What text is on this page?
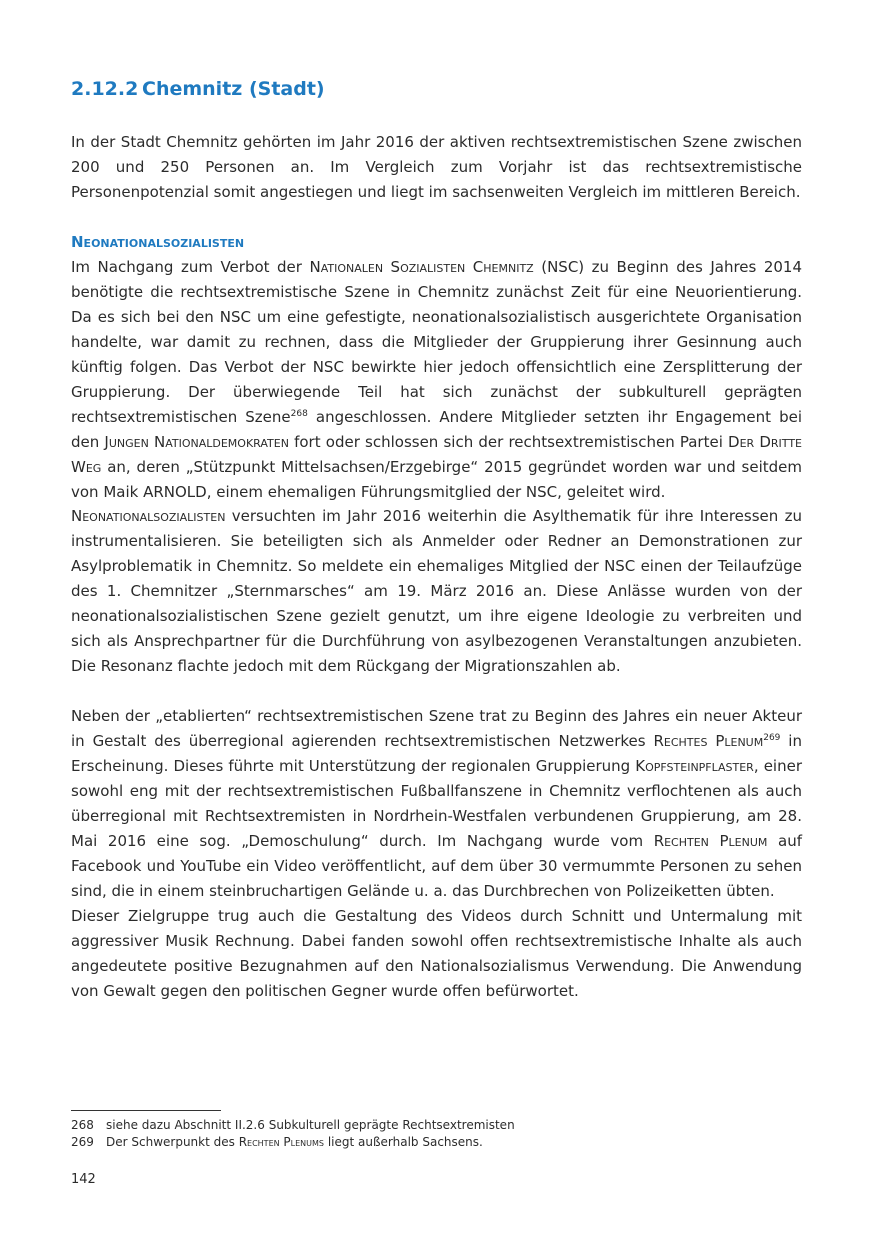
2.12.2 Chemnitz (Stadt)

In der Stadt Chemnitz gehörten im Jahr 2016 der aktiven rechtsextremistischen Szene zwischen 200 und 250 Personen an. Im Vergleich zum Vorjahr ist das rechtsextremistische Personenpotenzial somit angestiegen und liegt im sachsenweiten Vergleich im mittleren Bereich.

Neonationalsozialisten

Im Nachgang zum Verbot der Nationalen Sozialisten Chemnitz (NSC) zu Beginn des Jahres 2014 benötigte die rechtsextremistische Szene in Chemnitz zunächst Zeit für eine Neuorientierung. Da es sich bei den NSC um eine gefestigte, neonationalsozialistisch ausgerichtete Organisation handelte, war damit zu rechnen, dass die Mitglieder der Gruppierung ihrer Gesinnung auch künftig folgen. Das Verbot der NSC bewirkte hier jedoch offensichtlich eine Zersplitterung der Gruppierung. Der überwiegende Teil hat sich zunächst der subkulturell geprägten rechtsextremistischen Szene$^{268}$ angeschlossen. Andere Mitglieder setzten ihr Engagement bei den Jungen Nationaldemokraten fort oder schlossen sich der rechtsextremistischen Partei Der Dritte Weg an, deren „Stützpunkt Mittelsachsen/Erzgebirge“ 2015 gegründet worden war und seitdem von Maik ARNOLD, einem ehemaligen Führungsmitglied der NSC, geleitet wird.

Neonationalsozialisten versuchten im Jahr 2016 weiterhin die Asylthematik für ihre Interessen zu instrumentalisieren. Sie beteiligten sich als Anmelder oder Redner an Demonstrationen zur Asylproblematik in Chemnitz. So meldete ein ehemaliges Mitglied der NSC einen der Teilaufzüge des 1. Chemnitzer „Sternmarsches“ am 19. März 2016 an. Diese Anlässe wurden von der neonationalsozialistischen Szene gezielt genutzt, um ihre eigene Ideologie zu verbreiten und sich als Ansprechpartner für die Durchführung von asylbezogenen Veranstaltungen anzubieten. Die Resonanz flachte jedoch mit dem Rückgang der Migrationszahlen ab.

Neben der „etablierten“ rechtsextremistischen Szene trat zu Beginn des Jahres ein neuer Akteur in Gestalt des überregional agierenden rechtsextremistischen Netzwerkes Rechtes Plenum$^{269}$ in Erscheinung. Dieses führte mit Unterstützung der regionalen Gruppierung Kopfsteinpflaster, einer sowohl eng mit der rechtsextremistischen Fußballfanszene in Chemnitz verflochtenen als auch überregional mit Rechtsextremisten in Nordrhein-Westfalen verbundenen Gruppierung, am 28. Mai 2016 eine sog. „Demoschulung“ durch. Im Nachgang wurde vom Rechten Plenum auf Facebook und YouTube ein Video veröffentlicht, auf dem über 30 vermummte Personen zu sehen sind, die in einem steinbruchartigen Gelände u. a. das Durchbrechen von Polizeiketten übten.

Dieser Zielgruppe trug auch die Gestaltung des Videos durch Schnitt und Untermalung mit aggressiver Musik Rechnung. Dabei fanden sowohl offen rechtsextremistische Inhalte als auch angedeutete positive Bezugnahmen auf den Nationalsozialismus Verwendung. Die Anwendung von Gewalt gegen den politischen Gegner wurde offen befürwortet.

268 siehe dazu Abschnitt II.2.6 Subkulturell geprägte Rechtsextremisten
269 Der Schwerpunkt des Rechten Plenums liegt außerhalb Sachsens.
142
